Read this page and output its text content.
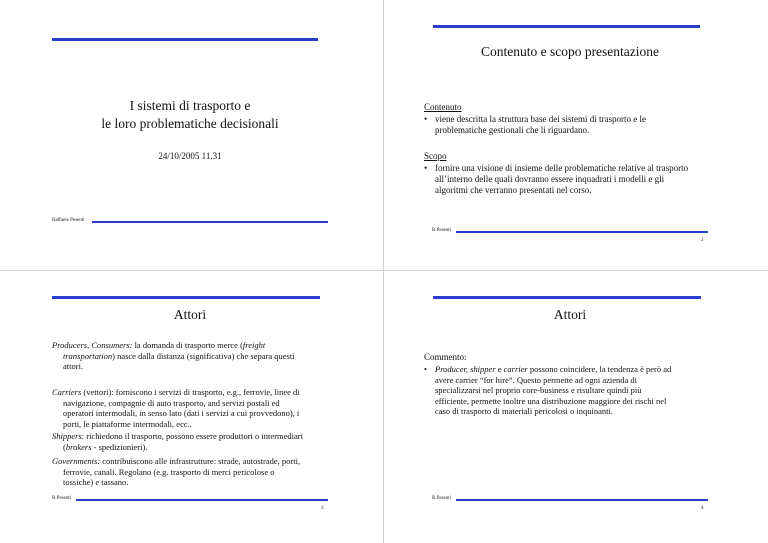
I sistemi di trasporto e
le loro problematiche decisionali
24/10/2005 11.31
Raffaele Pesenti
Contenuto e scopo presentazione
Contenuto
• viene descritta la struttura base dei sistemi di trasporto e le
problematiche gestionali che li riguardano.
Scopo
• fornire una visione di insieme delle problematiche relative al trasporto
all’interno delle quali dovranno essere inquadrati i modelli e gli
algoritmi che verranno presentati nel corso.
R.Pesenti
2
Attori
Producers, Consumers: la domanda di trasporto merce (freight
transportation) nasce dalla distanza (significativa) che separa questi
attori.
Carriers (vettori): forniscono i servizi di trasporto, e.g., ferrovie, linee di
navigazione, compagnie di auto trasporto, and servizi postali ed
operatori intermodali, in senso lato (dati i servizi a cui provvedono), i
porti, le piattaforme intermodali, ecc..
Shippers: richiedono il trasporto, possono essere produttori o intermediari
(brokers - spedizionieri).
Governments: contribuiscono alle infrastrutture: strade, autostrade, porti,
ferrovie, canali. Regolano (e.g. trasporto di merci pericolose o
tossiche) e tassano.
R.Pesenti
3
Attori
Commento:
• Producer, shipper e carrier possono coincidere, la tendenza è però ad
avere carrier “for hire”. Questo permette ad ogni azienda di
specializzarsi nel proprio core-business e risultare quindi più
efficiente, permette inoltre una distribuzione maggiore dei rischi nel
caso di trasporto di materiali pericolosi o inquinanti.
R.Pesenti
4
